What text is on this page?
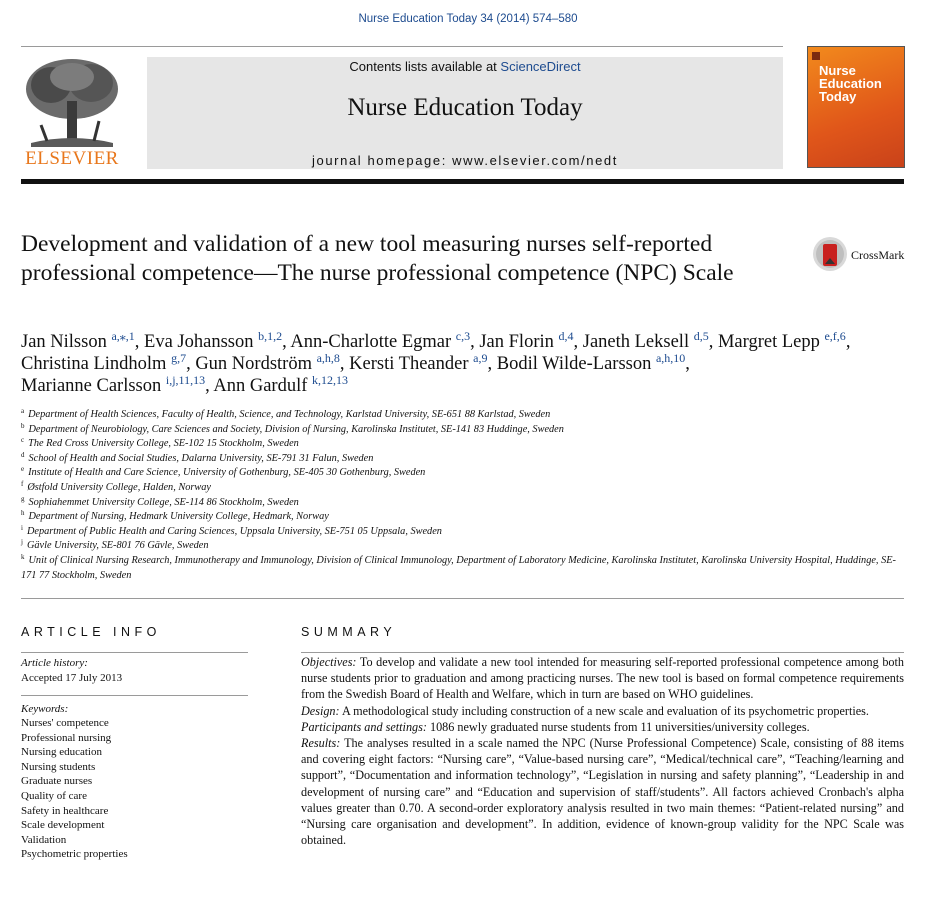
Nurse Education Today 34 (2014) 574–580
ELSEVIER
Contents lists available at ScienceDirect
Nurse Education Today
journal homepage: www.elsevier.com/nedt
Nurse Education Today
Development and validation of a new tool measuring nurses self-reported professional competence—The nurse professional competence (NPC) Scale
CrossMark
Jan Nilsson $^{a,⁎,1}$, Eva Johansson $^{b,1,2}$, Ann-Charlotte Egmar $^{c,3}$, Jan Florin $^{d,4}$, Janeth Leksell $^{d,5}$, Margret Lepp $^{e,f,6}$,
Christina Lindholm $^{g,7}$, Gun Nordström $^{a,h,8}$, Kersti Theander $^{a,9}$, Bodil Wilde-Larsson $^{a,h,10}$,
Marianne Carlsson $^{i,j,11,13}$, Ann Gardulf $^{k,12,13}$
$^a$ Department of Health Sciences, Faculty of Health, Science, and Technology, Karlstad University, SE-651 88 Karlstad, Sweden
$^b$ Department of Neurobiology, Care Sciences and Society, Division of Nursing, Karolinska Institutet, SE-141 83 Huddinge, Sweden
$^c$ The Red Cross University College, SE-102 15 Stockholm, Sweden
$^d$ School of Health and Social Studies, Dalarna University, SE-791 31 Falun, Sweden
$^e$ Institute of Health and Care Science, University of Gothenburg, SE-405 30 Gothenburg, Sweden
$^f$ Østfold University College, Halden, Norway
$^g$ Sophiahemmet University College, SE-114 86 Stockholm, Sweden
$^h$ Department of Nursing, Hedmark University College, Hedmark, Norway
$^i$ Department of Public Health and Caring Sciences, Uppsala University, SE-751 05 Uppsala, Sweden
$^j$ Gävle University, SE-801 76 Gävle, Sweden
$^k$ Unit of Clinical Nursing Research, Immunotherapy and Immunology, Division of Clinical Immunology, Department of Laboratory Medicine, Karolinska Institutet, Karolinska University Hospital, Huddinge, SE-171 77 Stockholm, Sweden
ARTICLE INFO
Article history:
Accepted 17 July 2013
Keywords:
Nurses' competence
Professional nursing
Nursing education
Nursing students
Graduate nurses
Quality of care
Safety in healthcare
Scale development
Validation
Psychometric properties
SUMMARY

Objectives: To develop and validate a new tool intended for measuring self-reported professional competence among both nurse students prior to graduation and among practicing nurses. The new tool is based on formal competence requirements from the Swedish Board of Health and Welfare, which in turn are based on WHO guidelines.

Design: A methodological study including construction of a new scale and evaluation of its psychometric properties.

Participants and settings: 1086 newly graduated nurse students from 11 universities/university colleges.

Results: The analyses resulted in a scale named the NPC (Nurse Professional Competence) Scale, consisting of 88 items and covering eight factors: “Nursing care”, “Value-based nursing care”, “Medical/technical care”, “Teaching/learning and support”, “Documentation and information technology”, “Legislation in nursing and safety planning”, “Leadership in and development of nursing care” and “Education and supervision of staff/students”. All factors achieved Cronbach's alpha values greater than 0.70. A second-order exploratory analysis resulted in two main themes: “Patient-related nursing” and “Nursing care organisation and development”. In addition, evidence of known-group validity for the NPC Scale was obtained.
